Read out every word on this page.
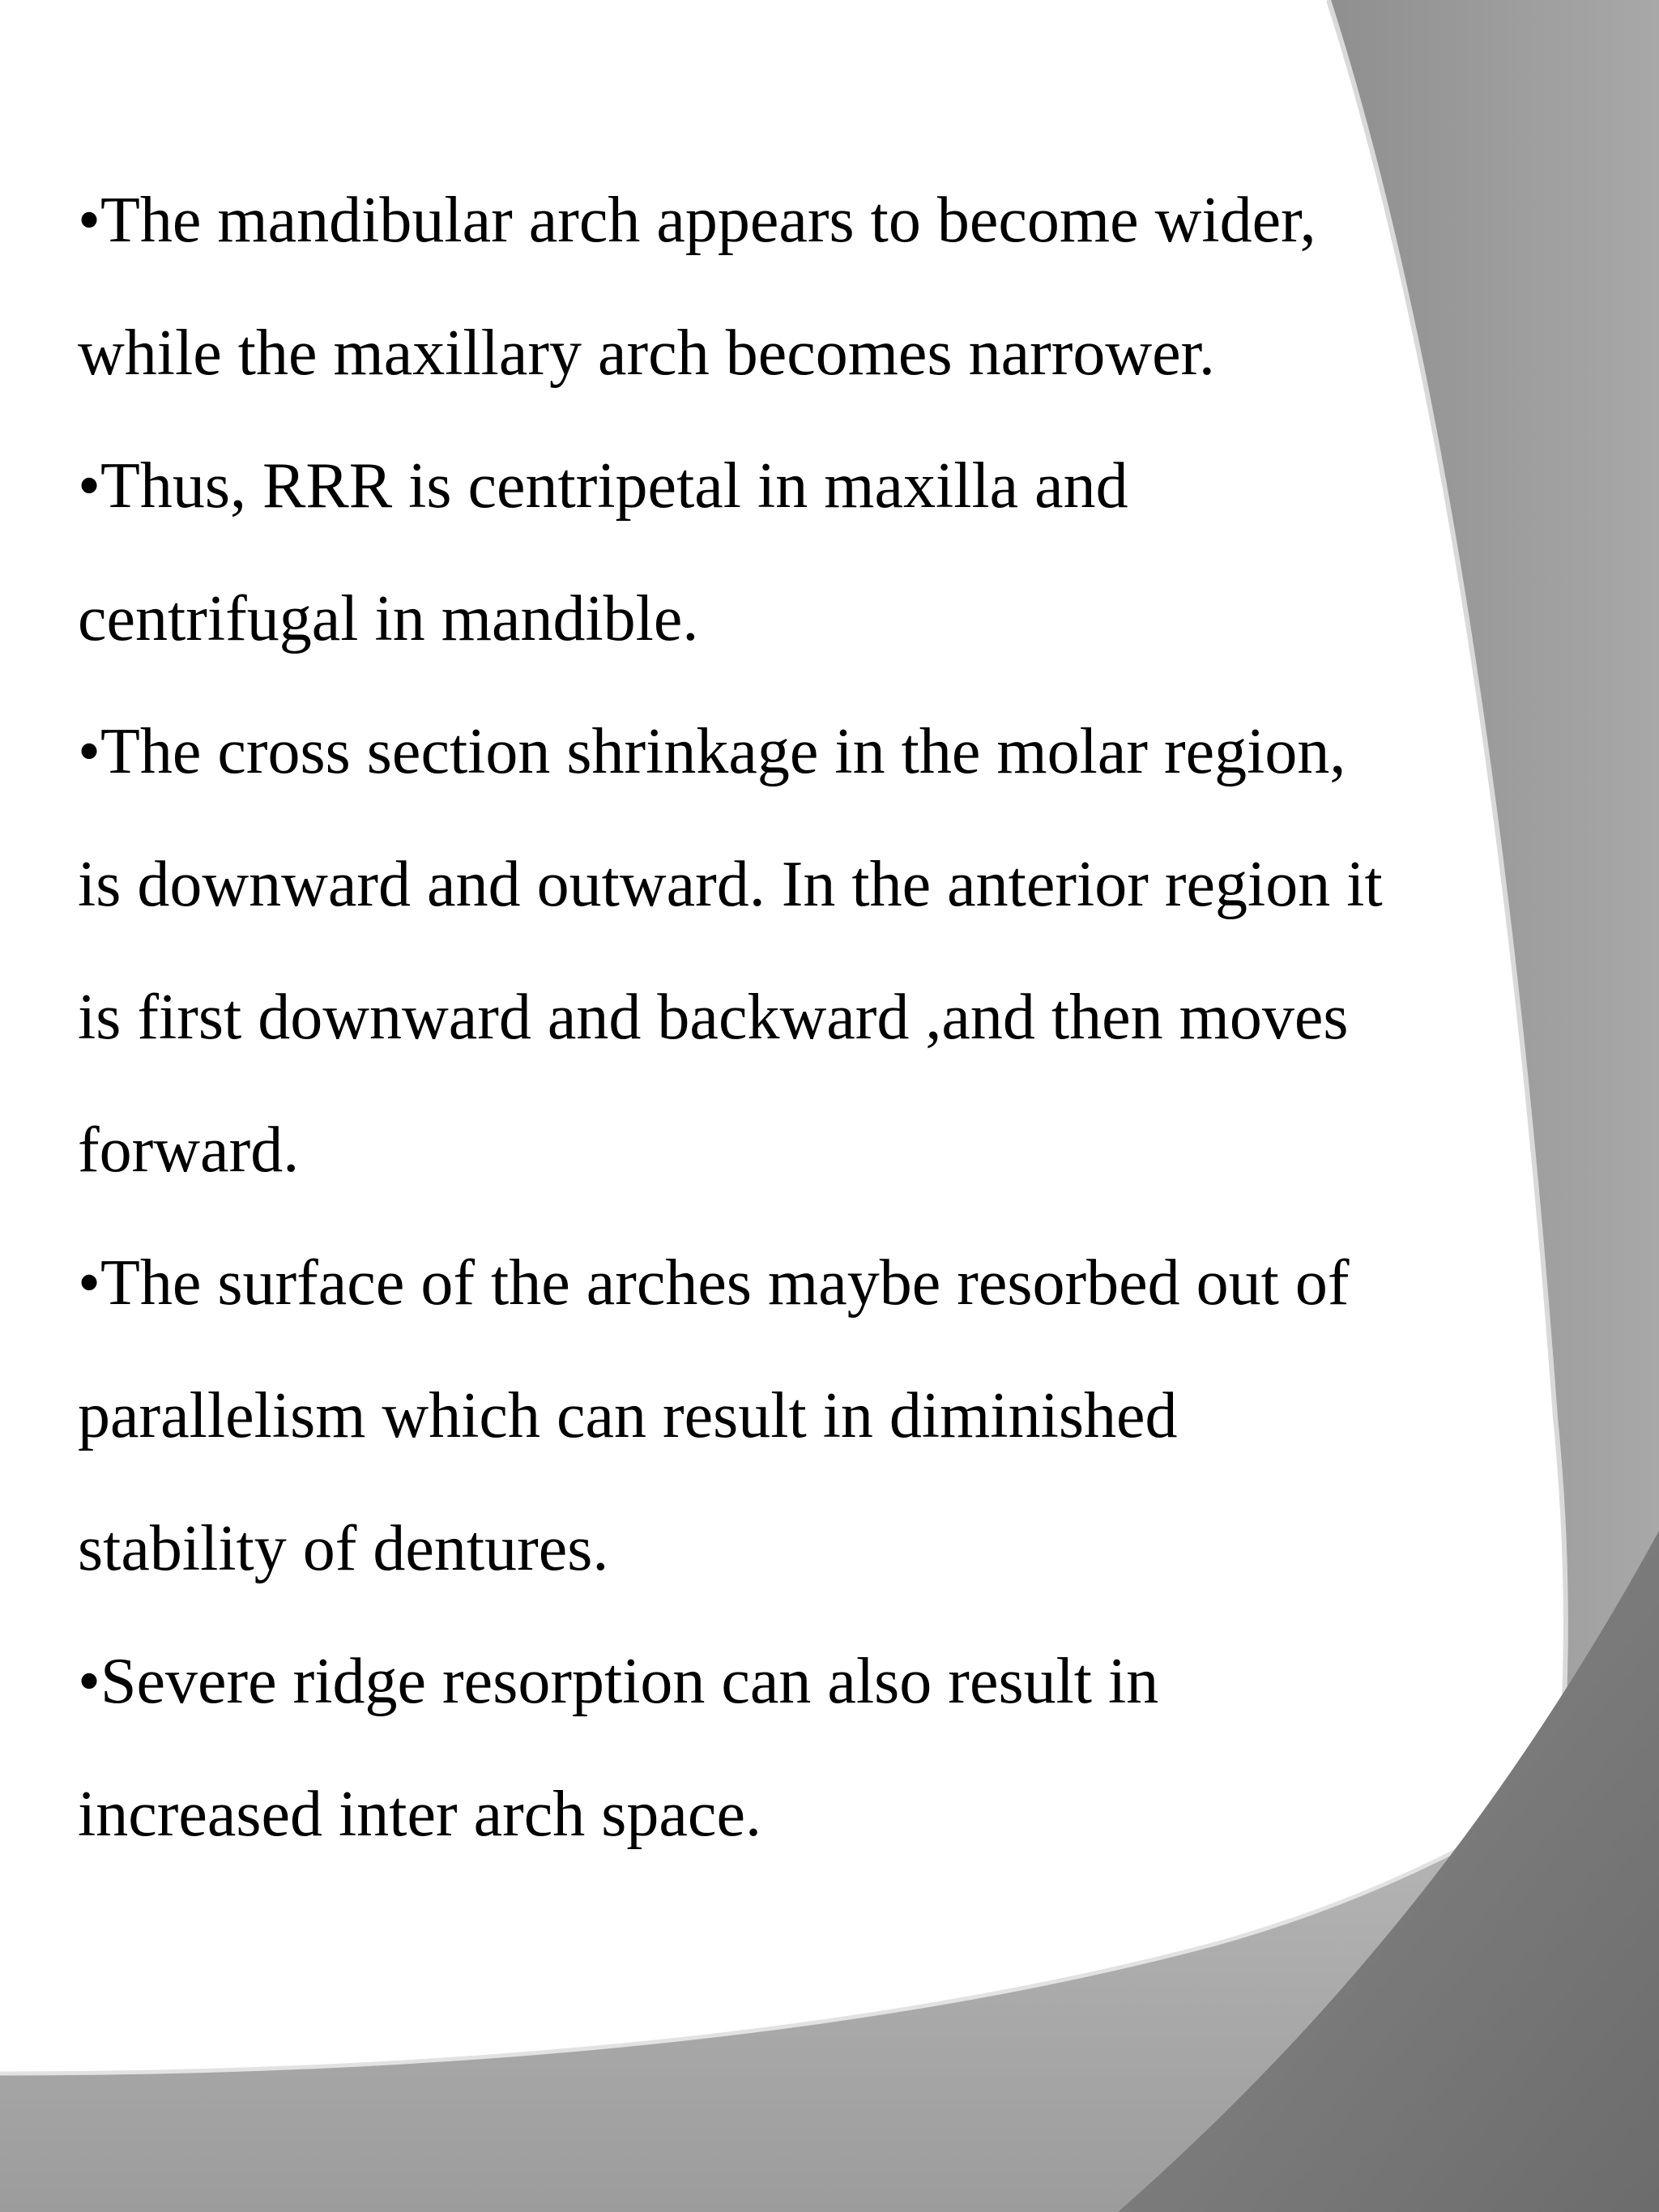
•The mandibular arch appears to become wider,
while the maxillary arch becomes narrower.
•Thus, RRR is centripetal in maxilla and
centrifugal in mandible.
•The cross section shrinkage in the molar region,
is downward and outward. In the anterior region it
is first downward and backward ,and then moves
forward.
•The surface of the arches maybe resorbed out of
parallelism which can result in diminished
stability of dentures.
•Severe ridge resorption can also result in
increased inter arch space.
